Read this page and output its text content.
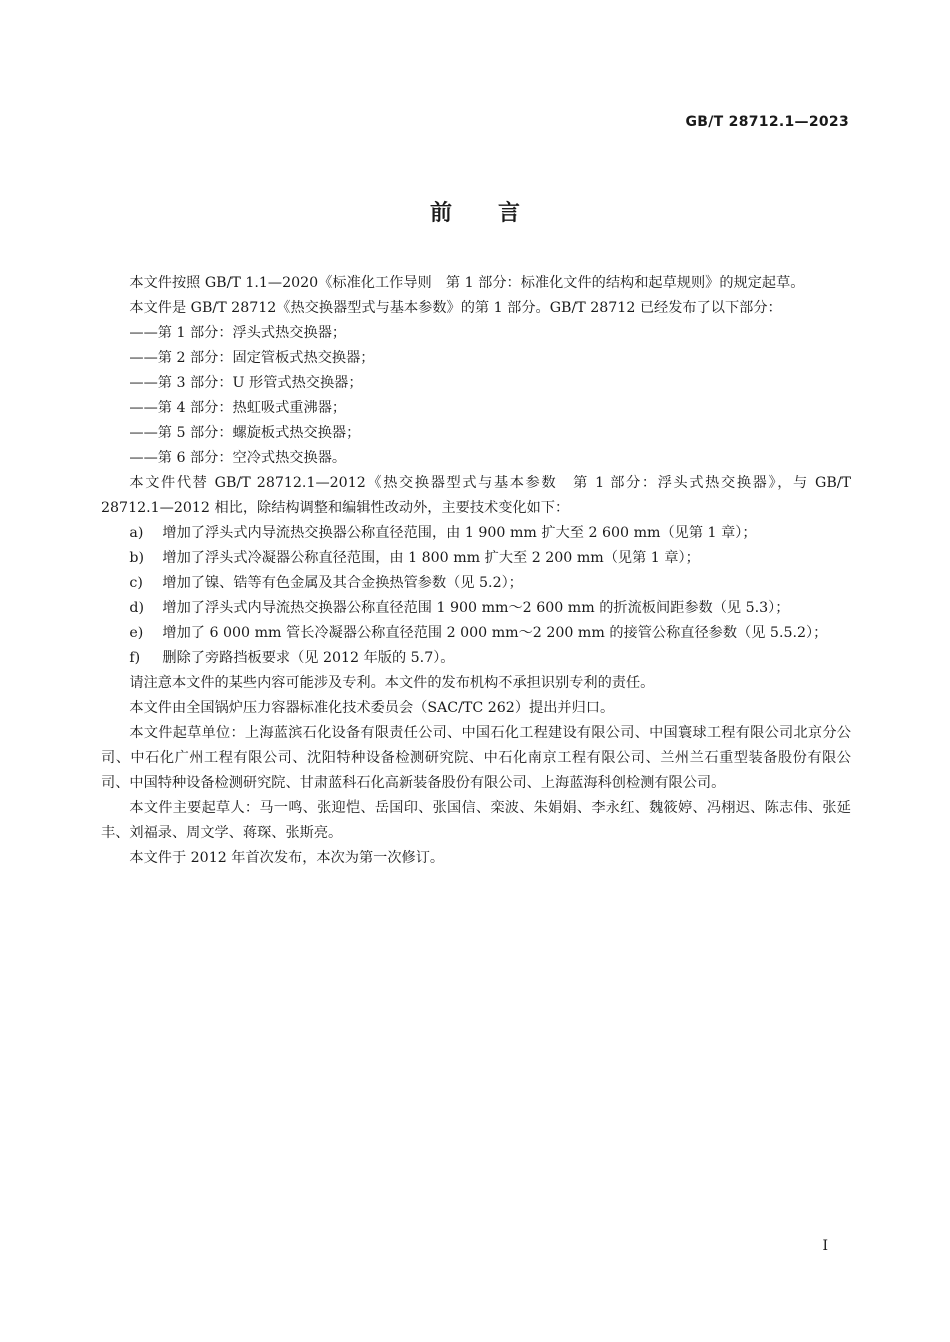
GB/T 28712.1—2023
前言

本文件按照 GB/T 1.1—2020《标准化工作导则　第 1 部分：标准化文件的结构和起草规则》的规定起草。

本文件是 GB/T 28712《热交换器型式与基本参数》的第 1 部分。GB/T 28712 已经发布了以下部分：

——第 1 部分：浮头式热交换器；

——第 2 部分：固定管板式热交换器；

——第 3 部分：U 形管式热交换器；

——第 4 部分：热虹吸式重沸器；

——第 5 部分：螺旋板式热交换器；

——第 6 部分：空冷式热交换器。

本文件代替 GB/T 28712.1—2012《热交换器型式与基本参数　第 1 部分：浮头式热交换器》，与 GB/T 28712.1—2012 相比，除结构调整和编辑性改动外，主要技术变化如下：

a)	增加了浮头式内导流热交换器公称直径范围，由 1 900 mm 扩大至 2 600 mm（见第 1 章）；
b)	增加了浮头式冷凝器公称直径范围，由 1 800 mm 扩大至 2 200 mm（见第 1 章）；
c)	增加了镍、锆等有色金属及其合金换热管参数（见 5.2）；
d)	增加了浮头式内导流热交换器公称直径范围 1 900 mm～2 600 mm 的折流板间距参数（见 5.3）；
e)	增加了 6 000 mm 管长冷凝器公称直径范围 2 000 mm～2 200 mm 的接管公称直径参数（见 5.5.2）；
f)	删除了旁路挡板要求（见 2012 年版的 5.7）。

请注意本文件的某些内容可能涉及专利。本文件的发布机构不承担识别专利的责任。

本文件由全国锅炉压力容器标准化技术委员会（SAC/TC 262）提出并归口。

本文件起草单位：上海蓝滨石化设备有限责任公司、中国石化工程建设有限公司、中国寰球工程有限公司北京分公司、中石化广州工程有限公司、沈阳特种设备检测研究院、中石化南京工程有限公司、兰州兰石重型装备股份有限公司、中国特种设备检测研究院、甘肃蓝科石化高新装备股份有限公司、上海蓝海科创检测有限公司。

本文件主要起草人：马一鸣、张迎恺、岳国印、张国信、栾波、朱娟娟、李永红、魏筱婷、冯栩迟、陈志伟、张延丰、刘福录、周文学、蒋琛、张斯亮。

本文件于 2012 年首次发布，本次为第一次修订。

I
